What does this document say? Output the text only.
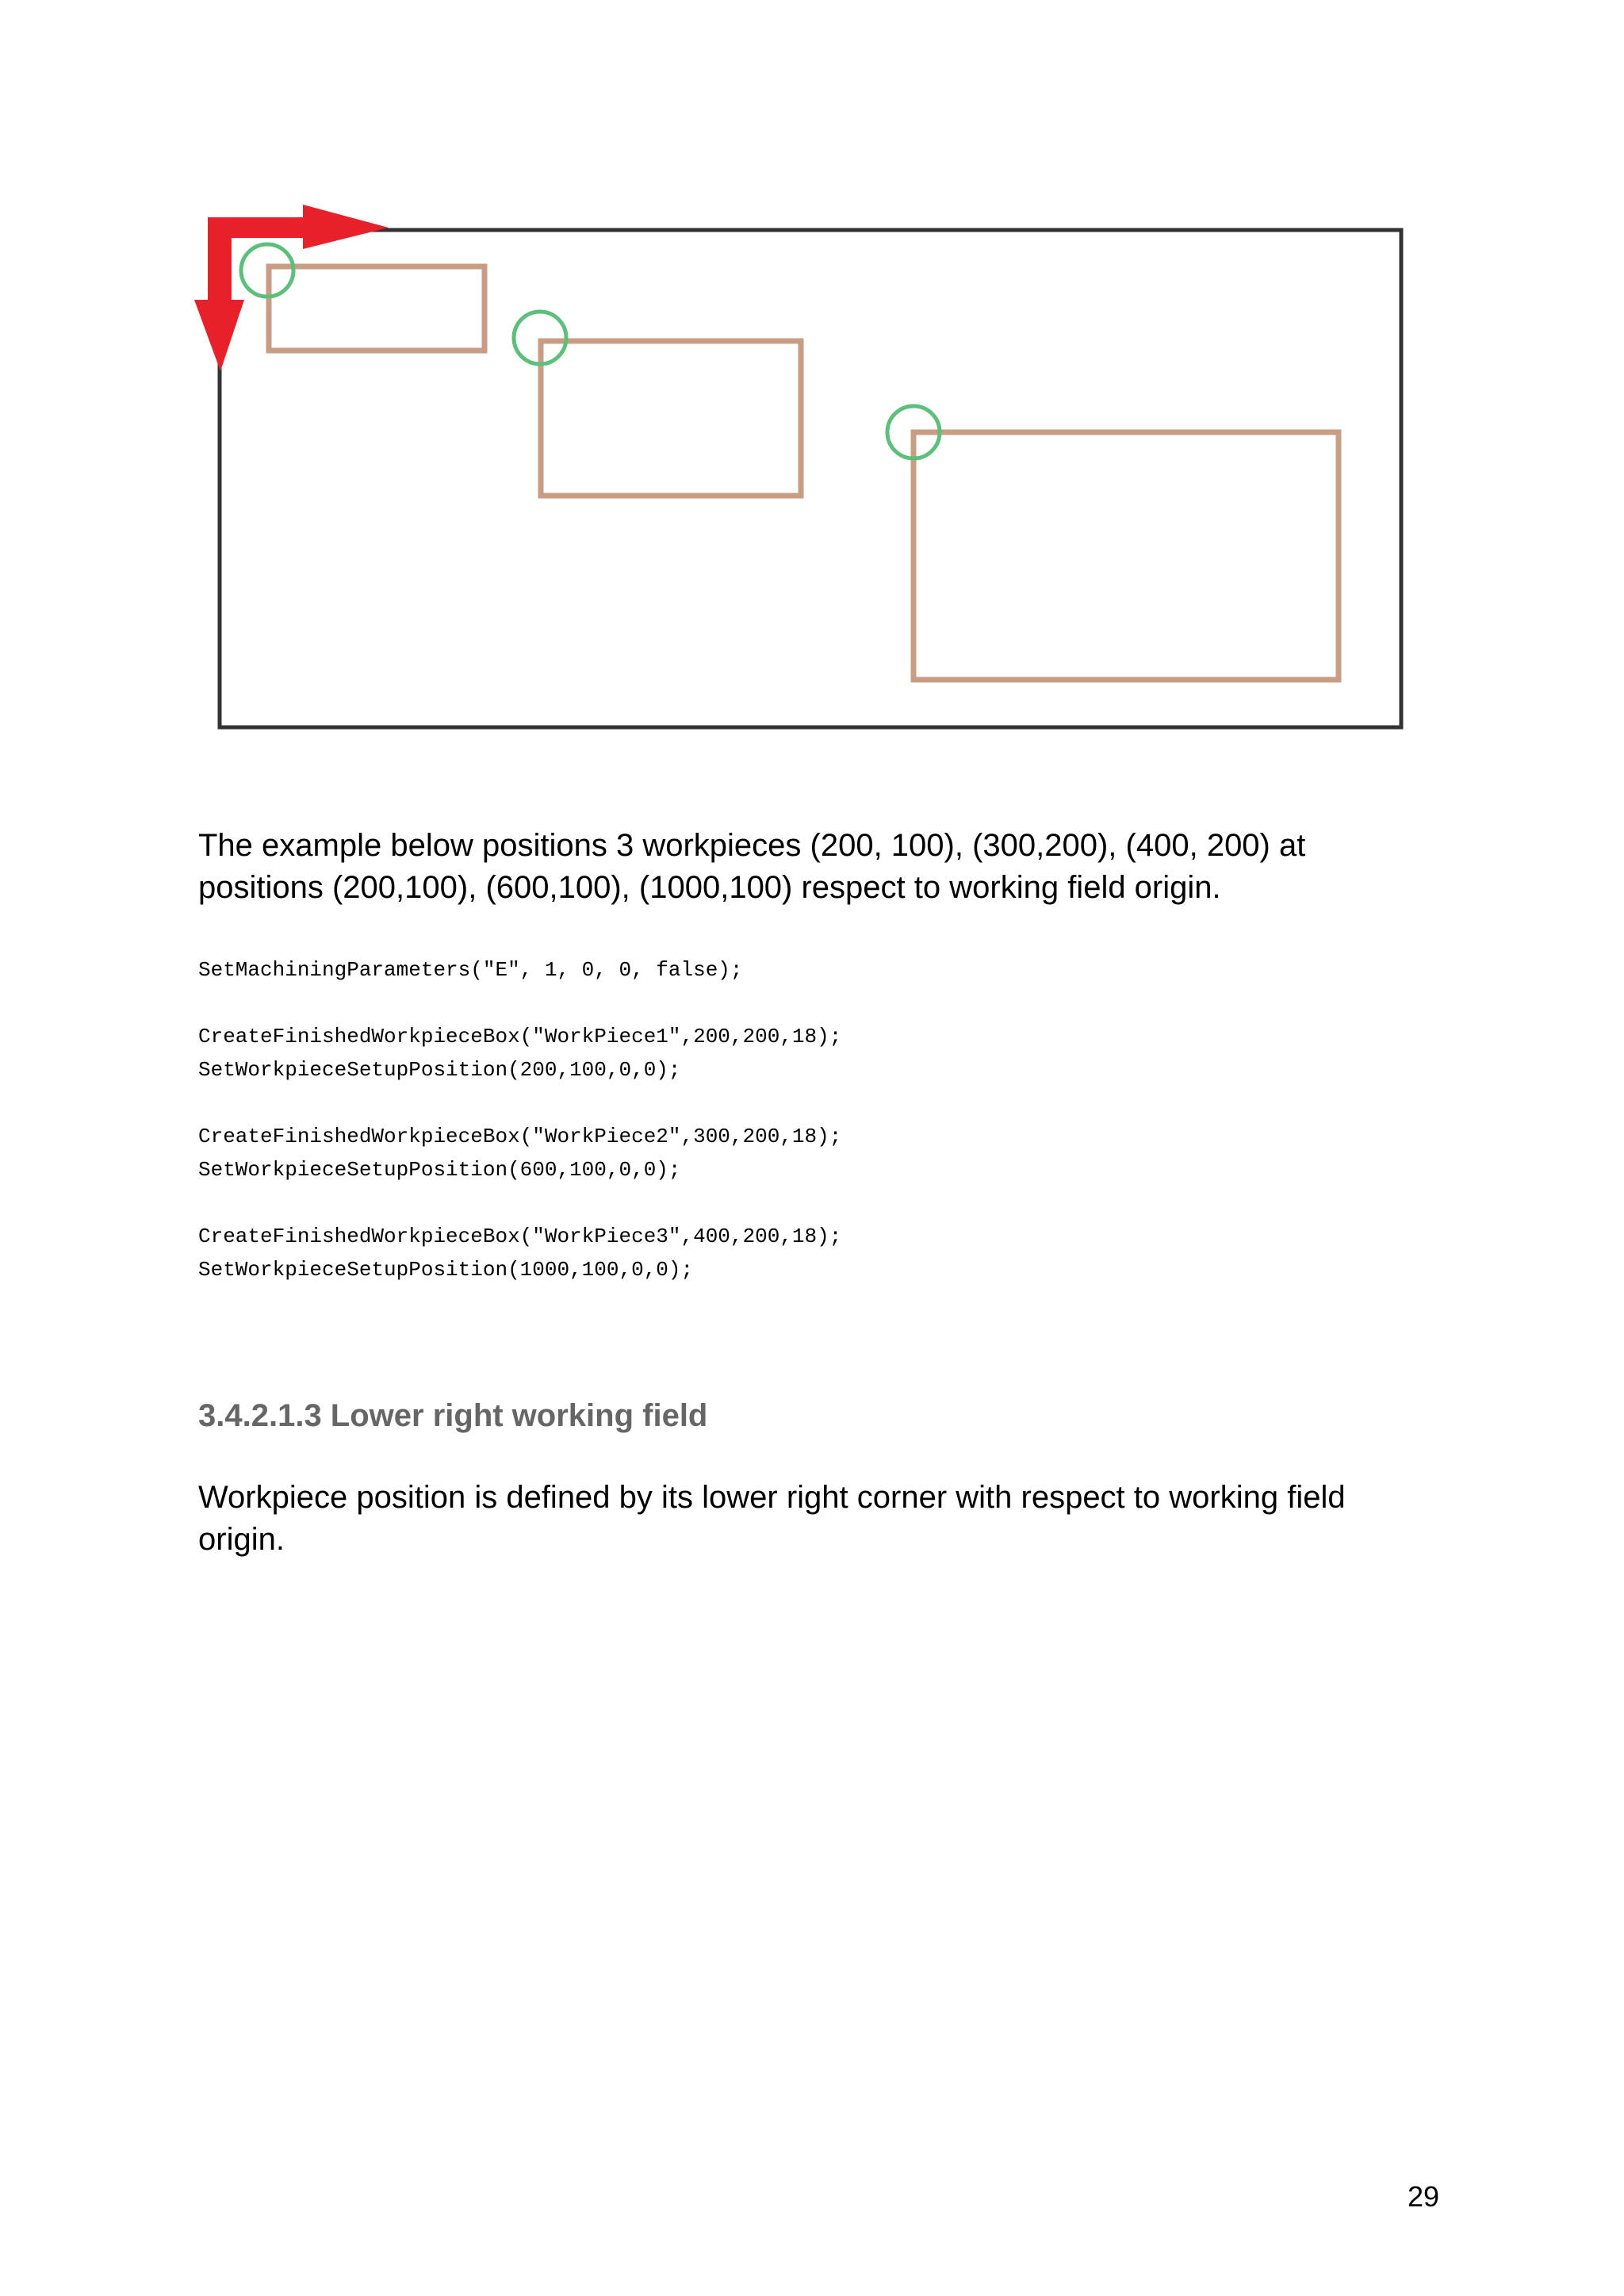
The example below positions 3 workpieces (200, 100), (300,200), (400, 200) at positions (200,100), (600,100), (1000,100) respect to working field origin.

SetMachiningParameters("E", 1, 0, 0, false);
CreateFinishedWorkpieceBox("WorkPiece1",200,200,18);
SetWorkpieceSetupPosition(200,100,0,0);
CreateFinishedWorkpieceBox("WorkPiece2",300,200,18);
SetWorkpieceSetupPosition(600,100,0,0);
CreateFinishedWorkpieceBox("WorkPiece3",400,200,18);
SetWorkpieceSetupPosition(1000,100,0,0);
3.4.2.1.3 Lower right working field

Workpiece position is defined by its lower right corner with respect to working field origin.

29
